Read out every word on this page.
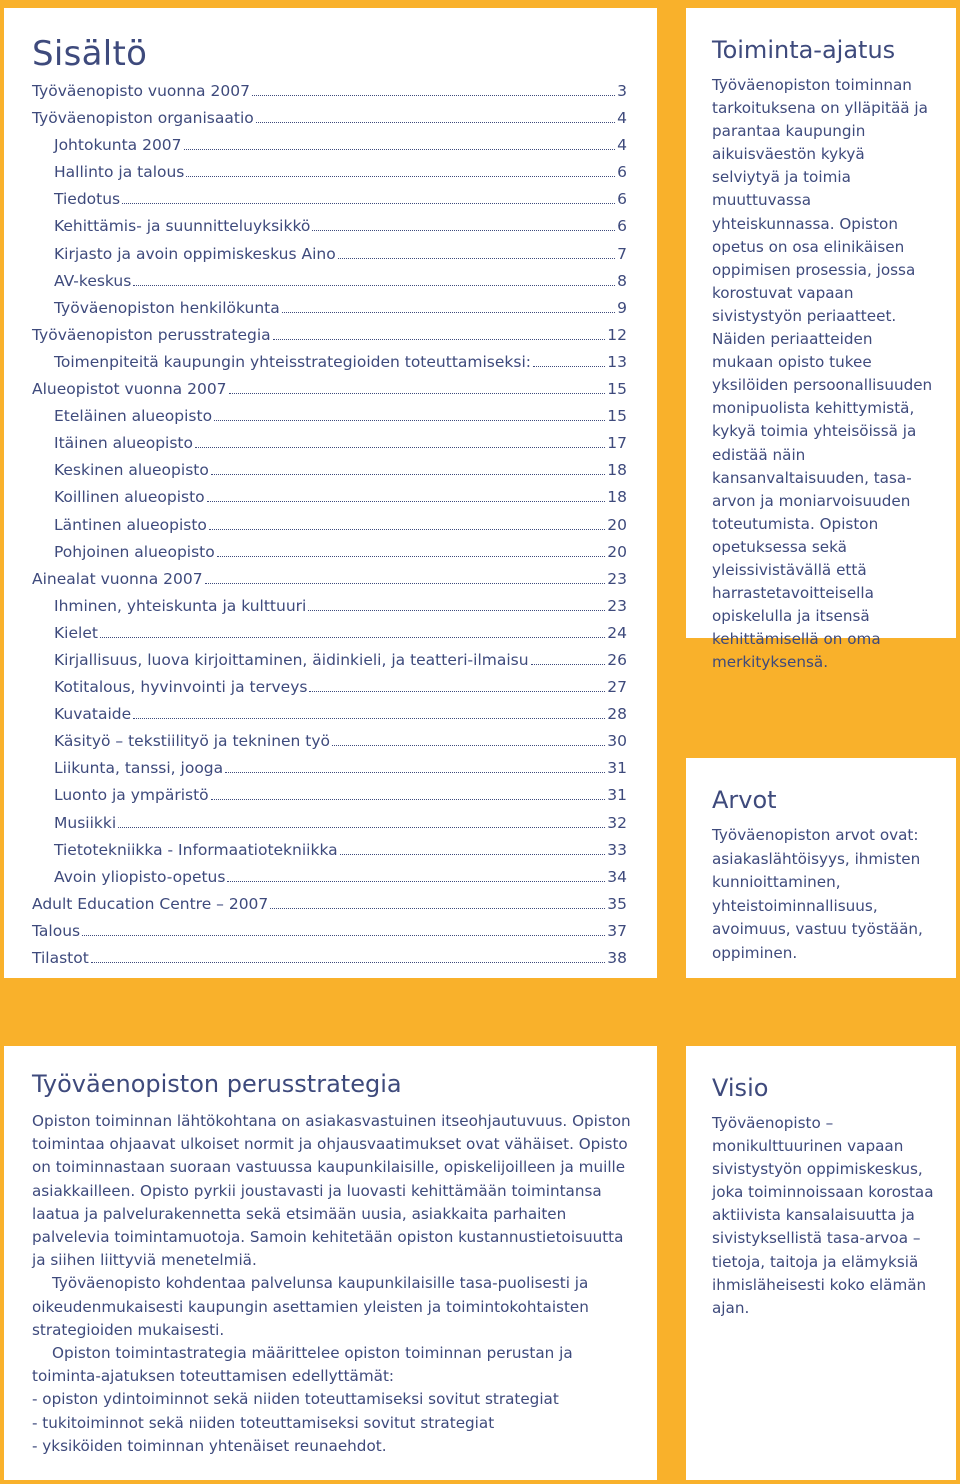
Sisältö
Työväenopisto vuonna 2007	3
Työväenopiston organisaatio	4
Johtokunta 2007	4
Hallinto ja talous	6
Tiedotus	6
Kehittämis- ja suunnitteluyksikkö	6
Kirjasto ja avoin oppimiskeskus Aino	7
AV-keskus	8
Työväenopiston henkilökunta	9
Työväenopiston perusstrategia	12
Toimenpiteitä kaupungin yhteisstrategioiden toteuttamiseksi:	13
Alueopistot vuonna 2007	15
Eteläinen alueopisto	15
Itäinen alueopisto	17
Keskinen alueopisto	18
Koillinen alueopisto	18
Läntinen alueopisto	20
Pohjoinen alueopisto	20
Ainealat vuonna 2007	23
Ihminen, yhteiskunta ja kulttuuri	23
Kielet	24
Kirjallisuus, luova kirjoittaminen, äidinkieli, ja teatteri-ilmaisu	26
Kotitalous, hyvinvointi ja terveys	27
Kuvataide	28
Käsityö – tekstiilityö ja tekninen työ	30
Liikunta, tanssi, jooga	31
Luonto ja ympäristö	31
Musiikki	32
Tietotekniikka - Informaatiotekniikka	33
Avoin yliopisto-opetus	34
Adult Education Centre – 2007	35
Talous	37
Tilastot	38
Toiminta-ajatus

Työväenopiston toiminnan tarkoituksena on ylläpitää ja parantaa kaupungin aikuisväestön kykyä selviytyä ja toimia muuttuvassa yhteiskunnassa. Opiston opetus on osa elinikäisen oppimisen prosessia, jossa korostuvat vapaan sivistystyön periaatteet. Näiden periaatteiden mukaan opisto tukee yksilöiden persoonallisuuden monipuolista kehittymistä, kykyä toimia yhteisöissä ja edistää näin kansanvaltaisuuden, tasa-arvon ja moniarvoisuuden toteutumista. Opiston opetuksessa sekä yleissivistävällä että harrastetavoitteisella opiskelulla ja itsensä kehittämisellä on oma merkityksensä.

Arvot

Työväenopiston arvot ovat: asiakaslähtöisyys, ihmisten kunnioittaminen, yhteistoiminnallisuus, avoimuus, vastuu työstään, oppiminen.

Työväenopiston perusstrategia

Opiston toiminnan lähtökohtana on asiakasvastuinen itseohjautuvuus. Opiston toimintaa ohjaavat ulkoiset normit ja ohjausvaatimukset ovat vähäiset. Opisto on toiminnastaan suoraan vastuussa kaupunkilaisille, opiskelijoilleen ja muille asiakkailleen. Opisto pyrkii joustavasti ja luovasti kehittämään toimintansa laatua ja palvelurakennetta sekä etsimään uusia, asiakkaita parhaiten palvelevia toimintamuotoja. Samoin kehitetään opiston kustannustietoisuutta ja siihen liittyviä menetelmiä.

Työväenopisto kohdentaa palvelunsa kaupunkilaisille tasa-puolisesti ja oikeudenmukaisesti kaupungin asettamien yleisten ja toimintokohtaisten strategioiden mukaisesti.

Opiston toimintastrategia määrittelee opiston toiminnan perustan ja toiminta-ajatuksen toteuttamisen edellyttämät:

- opiston ydintoiminnot sekä niiden toteuttamiseksi sovitut strategiat

- tukitoiminnot sekä niiden toteuttamiseksi sovitut strategiat

- yksiköiden toiminnan yhtenäiset reunaehdot.

Visio

Työväenopisto – monikulttuurinen vapaan sivistystyön oppimiskeskus, joka toiminnoissaan korostaa aktiivista kansalaisuutta ja sivistyksellistä tasa-arvoa – tietoja, taitoja ja elämyksiä ihmisläheisesti koko elämän ajan.
